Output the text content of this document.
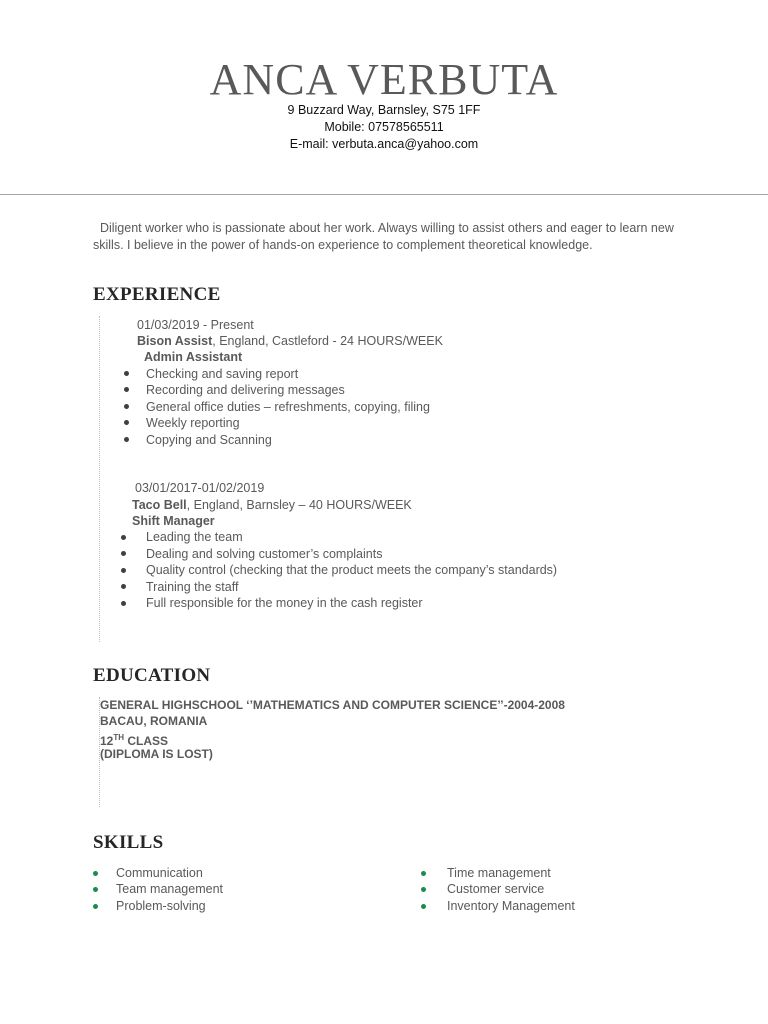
ANCA VERBUTA
9 Buzzard Way, Barnsley, S75 1FF
Mobile: 07578565511
E-mail: verbuta.anca@yahoo.com
Diligent worker who is passionate about her work. Always willing to assist others and eager to learn new skills. I believe in the power of hands-on experience to complement theoretical knowledge.
EXPERIENCE
01/03/2019 - Present
Bison Assist, England, Castleford - 24 HOURS/WEEK
Admin Assistant
Checking and saving report
Recording and delivering messages
General office duties – refreshments, copying, filing
Weekly reporting
Copying and Scanning
03/01/2017-01/02/2019
Taco Bell, England, Barnsley – 40 HOURS/WEEK
Shift Manager
Leading the team
Dealing and solving customer’s complaints
Quality control (checking that the product meets the company’s standards)
Training the staff
Full responsible for the money in the cash register
EDUCATION
GENERAL HIGHSCHOOL ‘’MATHEMATICS AND COMPUTER SCIENCE’’-2004-2008
BACAU, ROMANIA
12TH CLASS
(DIPLOMA IS LOST)
SKILLS
Communication
Team management
Problem-solving
Time management
Customer service
Inventory Management
